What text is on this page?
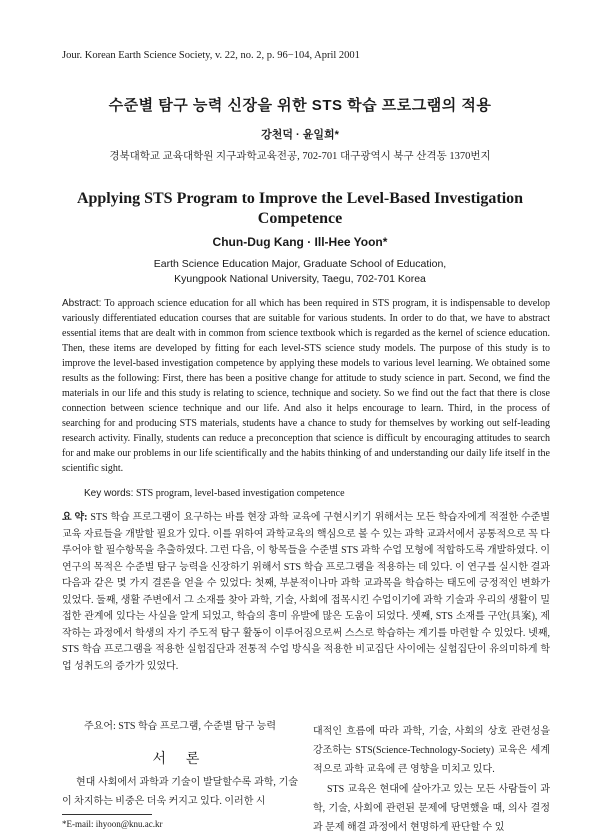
Jour. Korean Earth Science Society, v. 22, no. 2, p. 96−104, April 2001
수준별 탐구 능력 신장을 위한 STS 학습 프로그램의 적용
강천덕 · 윤일희*
경북대학교 교육대학원 지구과학교육전공, 702-701 대구광역시 북구 산격동 1370번지
Applying STS Program to Improve the Level-Based Investigation Competence
Chun-Dug Kang · Ill-Hee Yoon*
Earth Science Education Major, Graduate School of Education,
Kyungpook National University, Taegu, 702-701 Korea
Abstract: To approach science education for all which has been required in STS program, it is indispensable to develop variously differentiated education courses that are suitable for various students. In order to do that, we have to abstract essential items that are dealt with in common from science textbook which is regarded as the kernel of science education. Then, these items are developed by fitting for each level-STS science study models. The purpose of this study is to improve the level-based investigation competence by applying these models to various level learning. We obtained some results as the following: First, there has been a positive change for attitude to study science in part. Second, we find the materials in our life and this study is relating to science, technique and society. So we find out the fact that there is close connection between science technique and our life. And also it helps encourage to learn. Third, in the process of searching for and producing STS materials, students have a chance to study for themselves by working out self-leading research activity. Finally, students can reduce a preconception that science is difficult by encouraging attitudes to search for and make our problems in our life scientifically and the habits thinking of and understanding our daily life itself in the scientific sight.
Key words: STS program, level-based investigation competence
요 약: STS 학습 프로그램이 요구하는 바를 현장 과학 교육에 구현시키기 위해서는 모든 학습자에게 적절한 수준별 교육 자료들을 개발할 필요가 있다. 이를 위하여 과학교육의 핵심으로 볼 수 있는 과학 교과서에서 공통적으로 꼭 다루어야 할 필수항목을 추출하였다. 그런 다음, 이 항목들을 수준별 STS 과학 수업 모형에 적합하도록 개발하였다. 이 연구의 목적은 수준별 탐구 능력을 신장하기 위해서 STS 학습 프로그램을 적용하는 데 있다. 이 연구를 실시한 결과 다음과 같은 몇 가지 결론을 얻을 수 있었다: 첫째, 부분적이나마 과학 교과목을 학습하는 태도에 긍정적인 변화가 있었다. 둘째, 생활 주변에서 그 소재를 찾아 과학, 기술, 사회에 접목시킨 수업이기에 과학 기술과 우리의 생활이 밀접한 관계에 있다는 사실을 알게 되었고, 학습의 흥미 유발에 많은 도움이 되었다. 셋째, STS 소재를 구안(具案), 제작하는 과정에서 학생의 자기 주도적 탐구 활동이 이루어짐으로써 스스로 학습하는 계기를 마련할 수 있었다. 넷째, STS 학습 프로그램을 적용한 실험집단과 전통적 수업 방식을 적용한 비교집단 사이에는 실험집단이 유의미하게 학업 성취도의 증가가 있었다.
주요어: STS 학습 프로그램, 수준별 탐구 능력
서 론
현대 사회에서 과학과 기술이 발달할수록 과학, 기술이 차지하는 비중은 더욱 커지고 있다. 이러한 시

대적인 흐름에 따라 과학, 기술, 사회의 상호 관련성을 강조하는 STS(Science-Technology-Society) 교육은 세계적으로 과학 교육에 큰 영향을 미치고 있다.

STS 교육은 현대에 살아가고 있는 모든 사람들이 과학, 기술, 사회에 관련된 문제에 당면했을 때, 의사 결정과 문제 해결 과정에서 현명하게 판단할 수 있

*E-mail: ihyoon@knu.ac.kr
